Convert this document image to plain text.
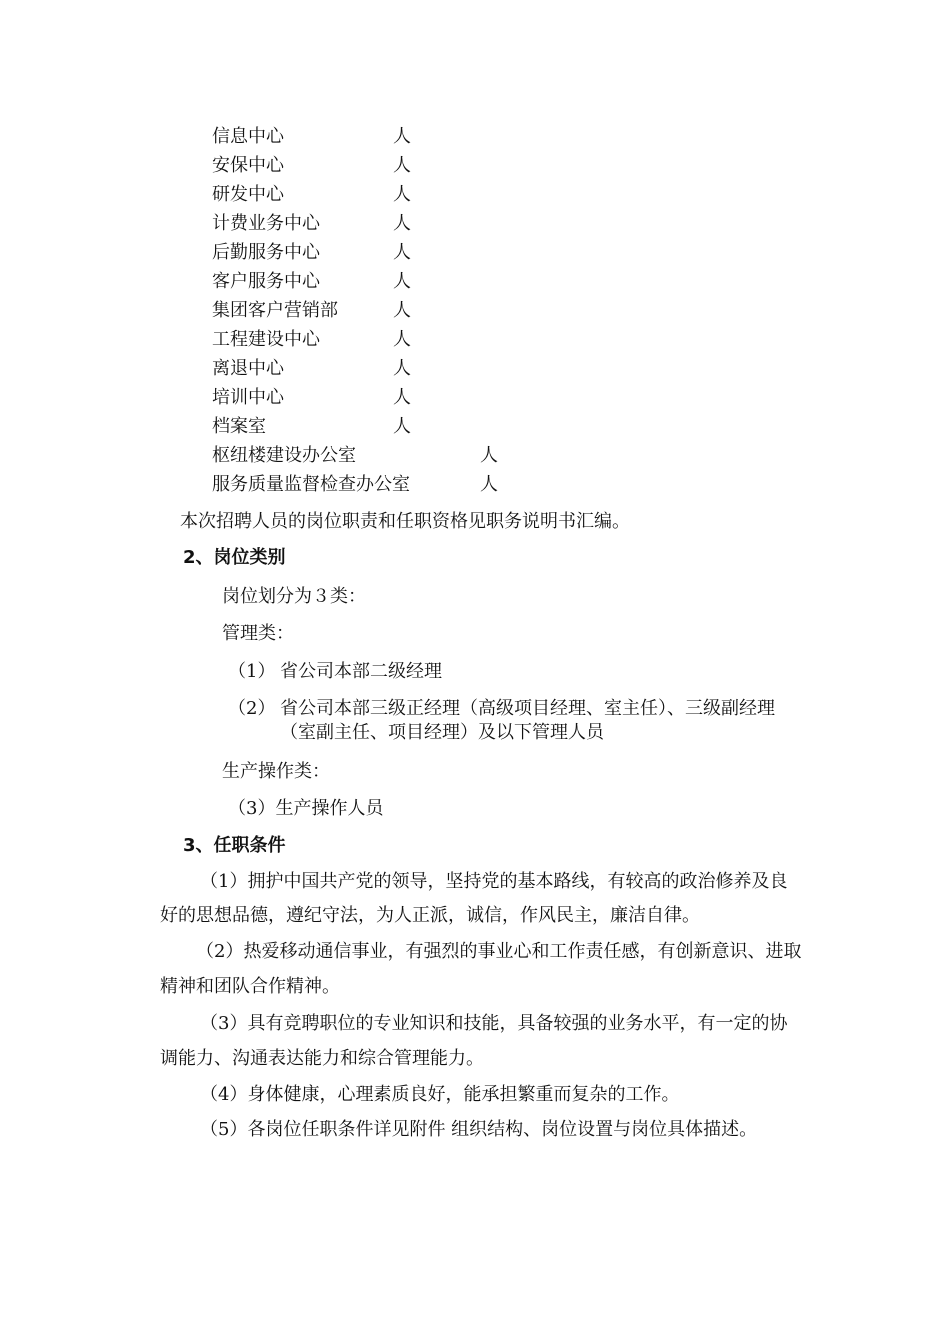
信息中心	人
安保中心	人
研发中心	人
计费业务中心	人
后勤服务中心	人
客户服务中心	人
集团客户营销部	人
工程建设中心	人
离退中心	人
培训中心	人
档案室	人
枢纽楼建设办公室	人
服务质量监督检查办公室	人
本次招聘人员的岗位职责和任职资格见职务说明书汇编。
2、岗位类别
岗位划分为３类：
管理类：
（1） 省公司本部二级经理
（2） 省公司本部三级正经理（高级项目经理、室主任）、三级副经理
（室副主任、项目经理）及以下管理人员
生产操作类：
（3）生产操作人员
3、任职条件
（1）拥护中国共产党的领导，坚持党的基本路线，有较高的政治修养及良
好的思想品德，遵纪守法，为人正派，诚信，作风民主，廉洁自律。
（2）热爱移动通信事业，有强烈的事业心和工作责任感，有创新意识、进取
精神和团队合作精神。
（3）具有竞聘职位的专业知识和技能，具备较强的业务水平，有一定的协
调能力、沟通表达能力和综合管理能力。
（4）身体健康，心理素质良好，能承担繁重而复杂的工作。
（5）各岗位任职条件详见附件 组织结构、岗位设置与岗位具体描述。
